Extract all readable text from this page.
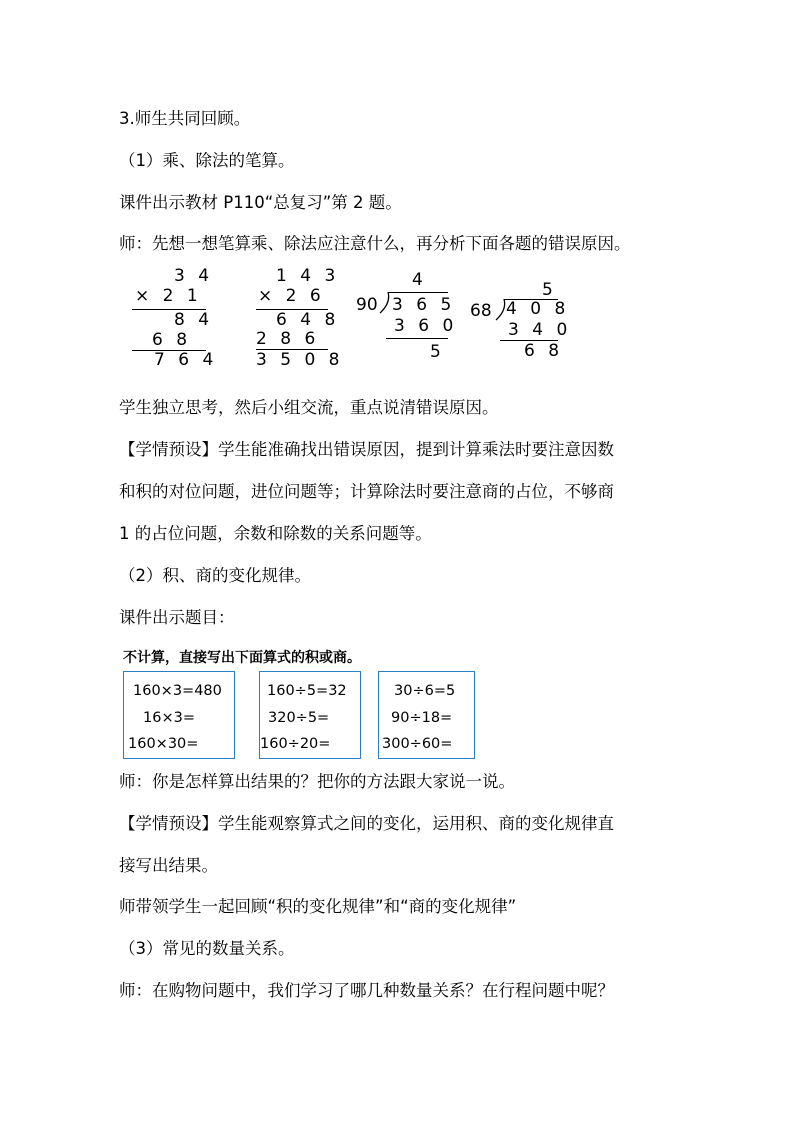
3.师生共同回顾。
（1）乘、除法的笔算。
课件出示教材 P110“总复习”第 2 题。
师：先想一想笔算乘、除法应注意什么，再分析下面各题的错误原因。
3 4
× 2 1
8 4
6 8
7 6 4
1 4 3
× 2 6
6 4 8
2 8 6
3 5 0 8
4
90 3 6 5
3 6 0
5
5
68 4 0 8
3 4 0
6 8
学生独立思考，然后小组交流，重点说清错误原因。
【学情预设】学生能准确找出错误原因，提到计算乘法时要注意因数
和积的对位问题，进位问题等；计算除法时要注意商的占位，不够商
1 的占位问题，余数和除数的关系问题等。
（2）积、商的变化规律。
课件出示题目：
不计算，直接写出下面算式的积或商。
160×3=480
16×3=
160×30=
160÷5=32
320÷5=
160÷20=
30÷6=5
90÷18=
300÷60=
师：你是怎样算出结果的？把你的方法跟大家说一说。
【学情预设】学生能观察算式之间的变化，运用积、商的变化规律直
接写出结果。
师带领学生一起回顾“积的变化规律”和“商的变化规律”
（3）常见的数量关系。
师：在购物问题中，我们学习了哪几种数量关系？在行程问题中呢？
